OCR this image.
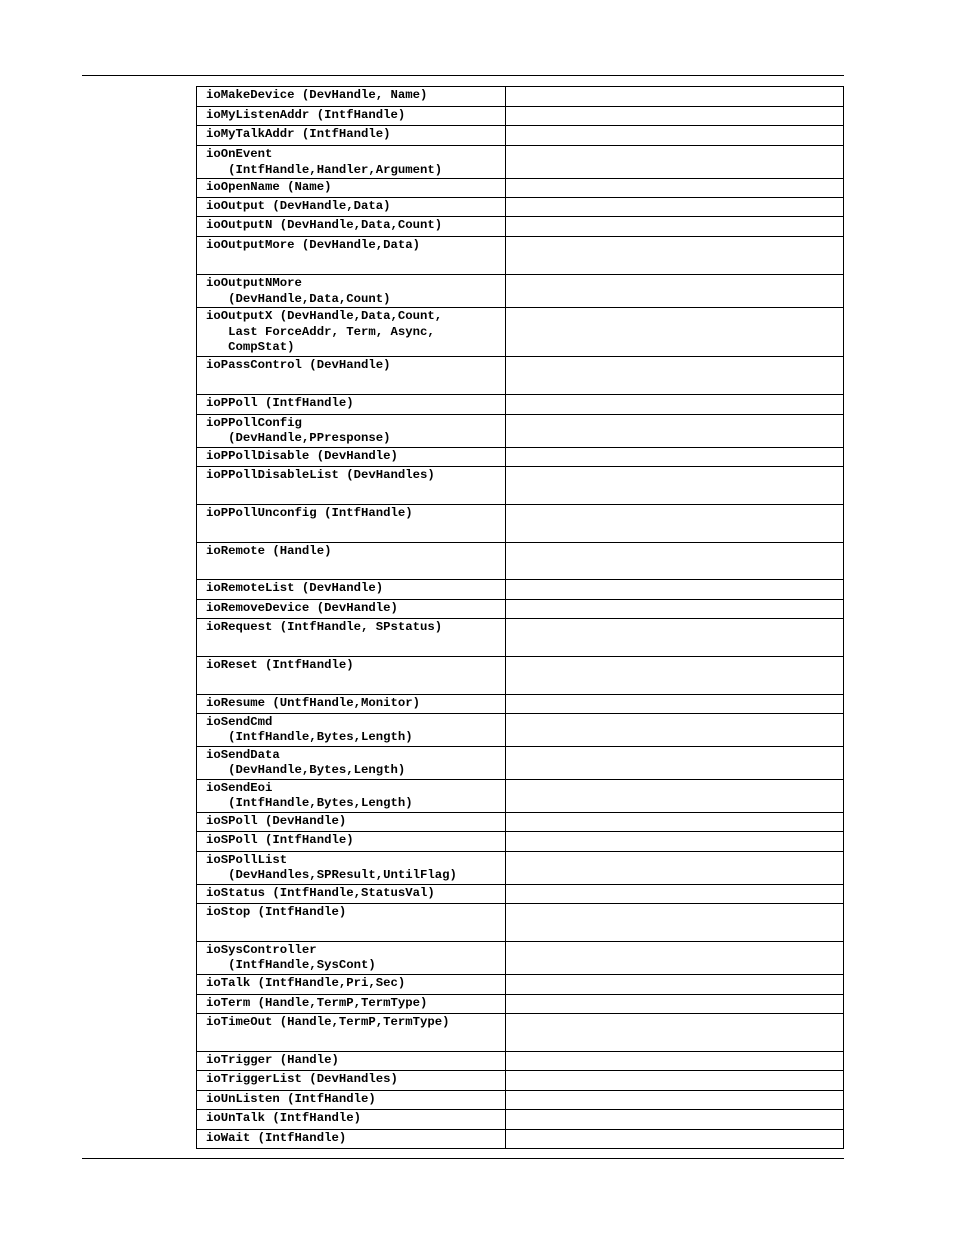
ioMakeDevice (DevHandle, Name)	

ioMyListenAddr (IntfHandle)	

ioMyTalkAddr (IntfHandle)	

ioOnEvent
(IntfHandle,Handler,Argument)	

ioOpenName (Name)	

ioOutput (DevHandle,Data)	

ioOutputN (DevHandle,Data,Count)	

ioOutputMore (DevHandle,Data)	

ioOutputNMore
(DevHandle,Data,Count)	

ioOutputX (DevHandle,Data,Count,
Last ForceAddr, Term, Async,
CompStat)	

ioPassControl (DevHandle)	

ioPPoll (IntfHandle)	

ioPPollConfig
(DevHandle,PPresponse)	

ioPPollDisable (DevHandle)	

ioPPollDisableList (DevHandles)	

ioPPollUnconfig (IntfHandle)	

ioRemote (Handle)	

ioRemoteList (DevHandle)	

ioRemoveDevice (DevHandle)	

ioRequest (IntfHandle, SPstatus)	

ioReset (IntfHandle)	

ioResume (UntfHandle,Monitor)	

ioSendCmd
(IntfHandle,Bytes,Length)	

ioSendData
(DevHandle,Bytes,Length)	

ioSendEoi
(IntfHandle,Bytes,Length)	

ioSPoll (DevHandle)	

ioSPoll (IntfHandle)	

ioSPollList
(DevHandles,SPResult,UntilFlag)	

ioStatus (IntfHandle,StatusVal)	

ioStop (IntfHandle)	

ioSysController
(IntfHandle,SysCont)	

ioTalk (IntfHandle,Pri,Sec)	

ioTerm (Handle,TermP,TermType)	

ioTimeOut (Handle,TermP,TermType)	

ioTrigger (Handle)	

ioTriggerList (DevHandles)	

ioUnListen (IntfHandle)	

ioUnTalk (IntfHandle)	

ioWait (IntfHandle)	
